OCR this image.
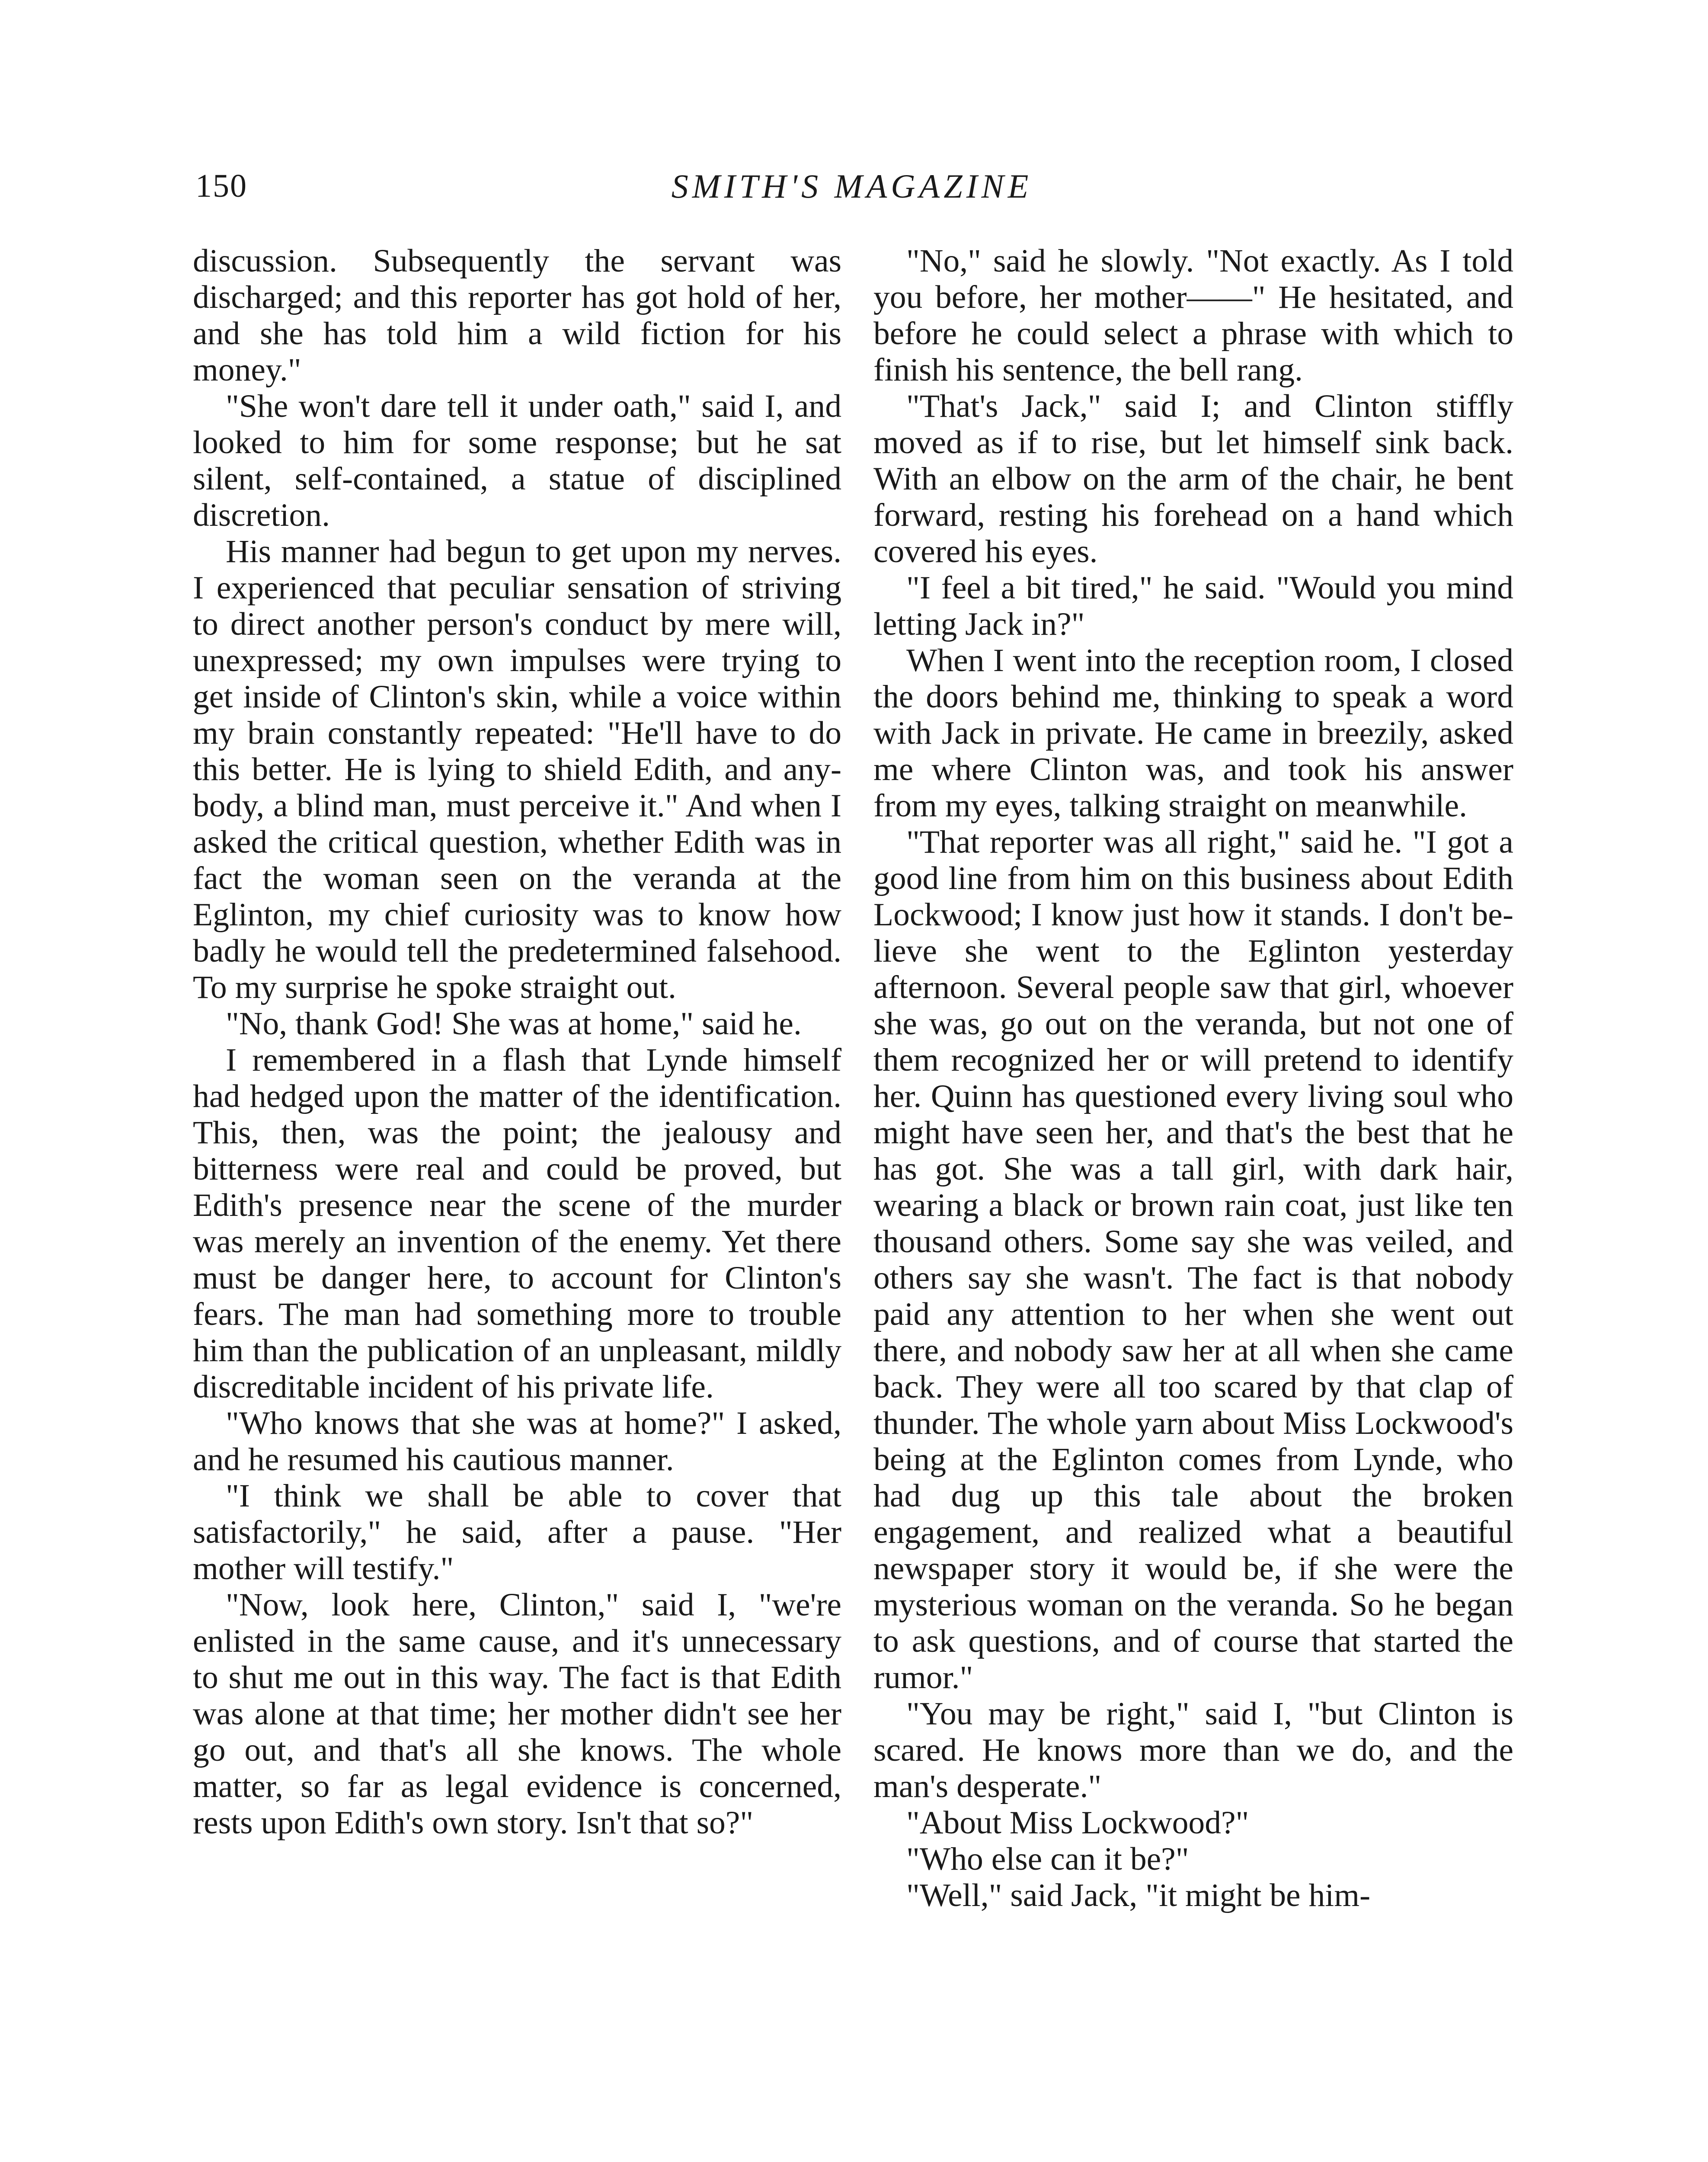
150	SMITH'S MAGAZINE

discussion. Subsequently the servant was discharged; and this reporter has got hold of her, and she has told him a wild fiction for his money."

"She won't dare tell it under oath," said I, and looked to him for some response; but he sat silent, self-contained, a statue of disciplined discretion.

His manner had begun to get upon my nerves. I experienced that peculiar sensation of striving to direct another person's conduct by mere will, unexpressed; my own impulses were trying to get inside of Clinton's skin, while a voice within my brain constantly repeated: "He'll have to do this better. He is lying to shield Edith, and anybody, a blind man, must perceive it." And when I asked the critical question, whether Edith was in fact the woman seen on the veranda at the Eglinton, my chief curiosity was to know how badly he would tell the predetermined falsehood. To my surprise he spoke straight out.

"No, thank God! She was at home," said he.

I remembered in a flash that Lynde himself had hedged upon the matter of the identification. This, then, was the point; the jealousy and bitterness were real and could be proved, but Edith's presence near the scene of the murder was merely an invention of the enemy. Yet there must be danger here, to account for Clinton's fears. The man had something more to trouble him than the publication of an unpleasant, mildly discreditable incident of his private life.

"Who knows that she was at home?" I asked, and he resumed his cautious manner.

"I think we shall be able to cover that satisfactorily," he said, after a pause. "Her mother will testify."

"Now, look here, Clinton," said I, "we're enlisted in the same cause, and it's unnecessary to shut me out in this way. The fact is that Edith was alone at that time; her mother didn't see her go out, and that's all she knows. The whole matter, so far as legal evidence is concerned, rests upon Edith's own story. Isn't that so?"

"No," said he slowly. "Not exactly. As I told you before, her mother——" He hesitated, and before he could select a phrase with which to finish his sentence, the bell rang.

"That's Jack," said I; and Clinton stiffly moved as if to rise, but let himself sink back. With an elbow on the arm of the chair, he bent forward, resting his forehead on a hand which covered his eyes.

"I feel a bit tired," he said. "Would you mind letting Jack in?"

When I went into the reception room, I closed the doors behind me, thinking to speak a word with Jack in private. He came in breezily, asked me where Clinton was, and took his answer from my eyes, talking straight on meanwhile.

"That reporter was all right," said he. "I got a good line from him on this business about Edith Lockwood; I know just how it stands. I don't believe she went to the Eglinton yesterday afternoon. Several people saw that girl, whoever she was, go out on the veranda, but not one of them recognized her or will pretend to identify her. Quinn has questioned every living soul who might have seen her, and that's the best that he has got. She was a tall girl, with dark hair, wearing a black or brown rain coat, just like ten thousand others. Some say she was veiled, and others say she wasn't. The fact is that nobody paid any attention to her when she went out there, and nobody saw her at all when she came back. They were all too scared by that clap of thunder. The whole yarn about Miss Lockwood's being at the Eglinton comes from Lynde, who had dug up this tale about the broken engagement, and realized what a beautiful newspaper story it would be, if she were the mysterious woman on the veranda. So he began to ask questions, and of course that started the rumor."

"You may be right," said I, "but Clinton is scared. He knows more than we do, and the man's desperate."

"About Miss Lockwood?"

"Who else can it be?"

"Well," said Jack, "it might be him-
